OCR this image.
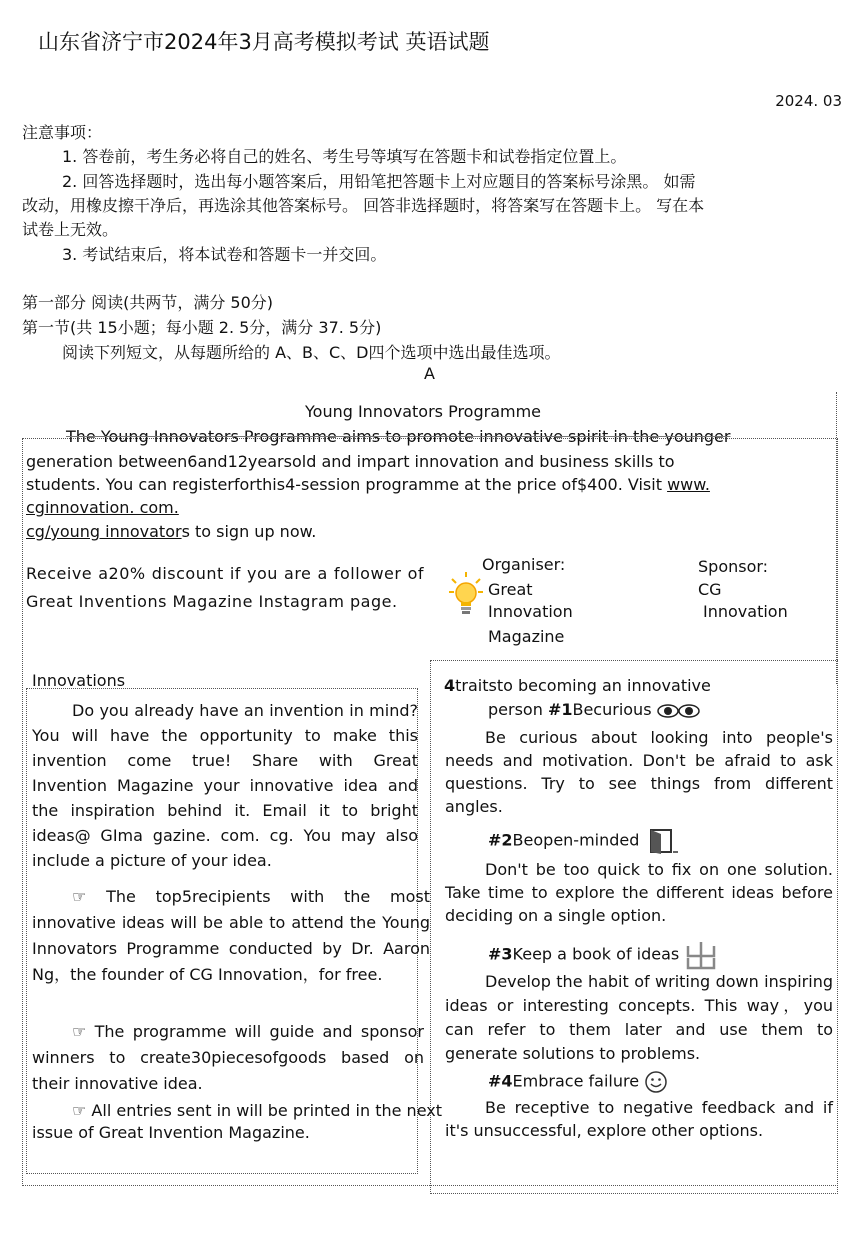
山东省济宁市2024年3月高考模拟考试 英语试题
2024. 03
注意事项：
1. 答卷前，考生务必将自己的姓名、考生号等填写在答题卡和试卷指定位置上。
2. 回答选择题时，选出每小题答案后，用铅笔把答题卡上对应题目的答案标号涂黑。 如需
改动，用橡皮擦干净后，再选涂其他答案标号。 回答非选择题时，将答案写在答题卡上。 写在本
试卷上无效。
3. 考试结束后，将本试卷和答题卡一并交回。
第一部分 阅读(共两节，满分 50分)
第一节(共 15小题；每小题 2. 5分，满分 37. 5分)
阅读下列短文，从每题所给的 A、B、C、D四个选项中选出最佳选项。
A
Young Innovators Programme
The Young Innovators Programme aims to promote innovative spirit in the younger
generation between6and12yearsold and impart innovation and business skills to
students. You can registerforthis4-session programme at the price of$400. Visit www.
cginnovation. com.
cg/young innovators to sign up now.
Receive a20% discount if you are a follower of Great Inventions Magazine Instagram page.
Organiser:
Great
Innovation
Magazine
Sponsor:
CG
Innovation
Innovations
Do you already have an invention in mind? You will have the opportunity to make this invention come true! Share with Great Invention Magazine your innovative idea and the inspiration behind it. Email it to bright ideas@ GIma gazine. com. cg. You may also include a picture of your idea.
☞ The top5recipients with the most innovative ideas will be able to attend the Young Innovators Programme conducted by Dr. Aaron Ng，the founder of CG Innovation，for free.
☞ The programme will guide and sponsor winners to create30piecesofgoods based on their innovative idea.
☞ All entries sent in will be printed in the next issue of Great Invention Magazine.
4traitsto becoming an innovative
person #1Becurious
Be curious about looking into people's needs and motivation. Don't be afraid to ask questions. Try to see things from different angles.
#2Beopen-minded
Don't be too quick to fix on one solution. Take time to explore the different ideas before deciding on a single option.
#3Keep a book of ideas
Develop the habit of writing down inspiring ideas or interesting concepts. This way，you can refer to them later and use them to generate solutions to problems.
#4Embrace failure
Be receptive to negative feedback and if it's unsuccessful, explore other options.
